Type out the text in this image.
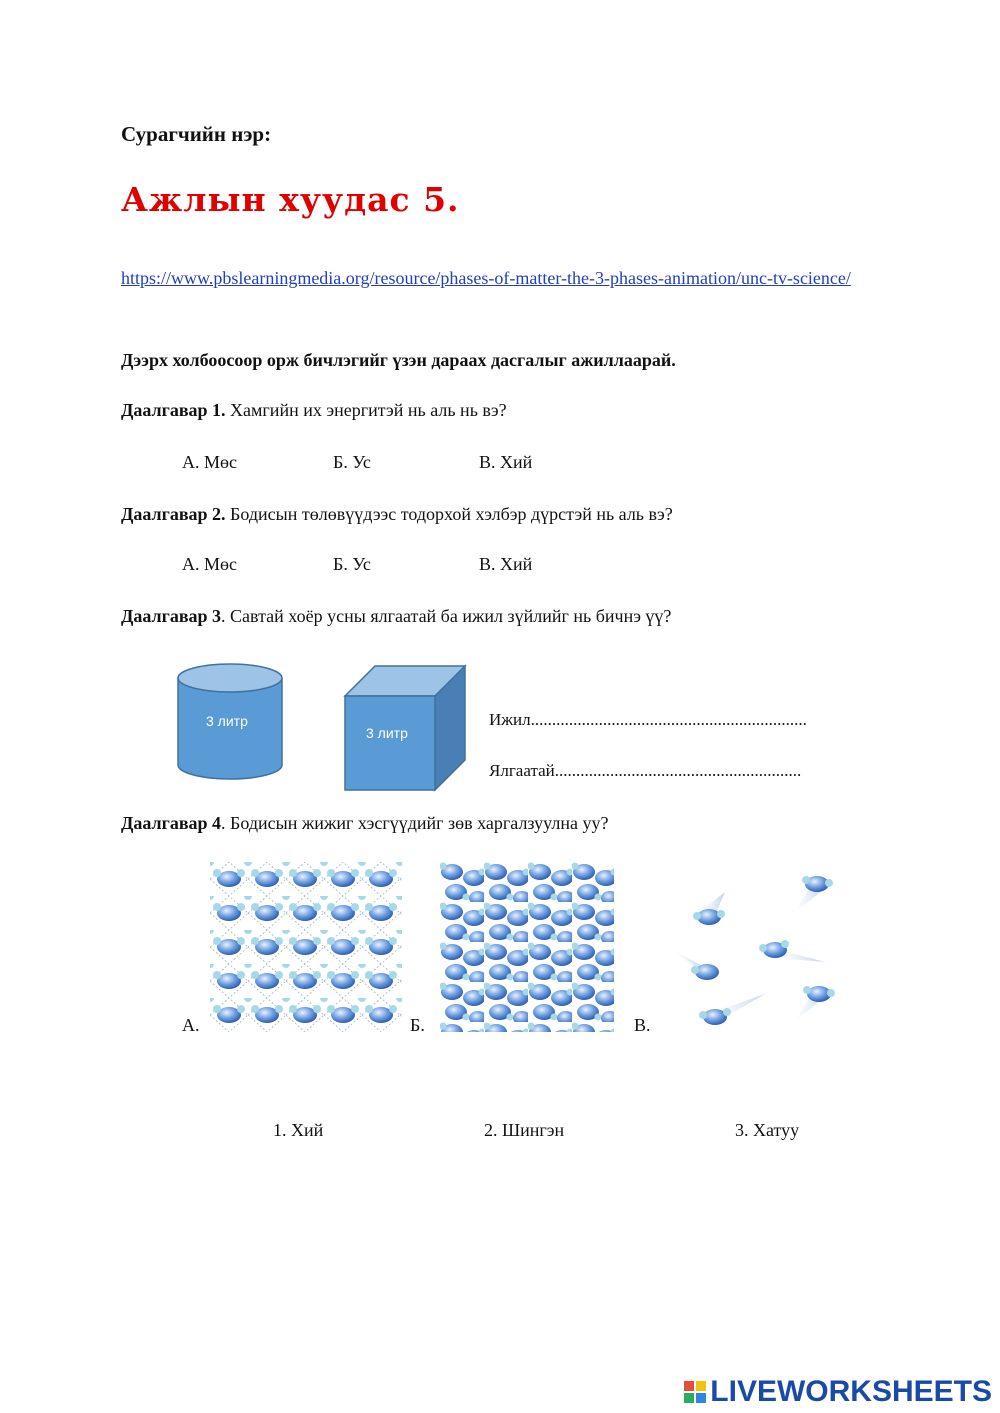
Сурагчийн нэр:
Ажлын хуудас 5.
https://www.pbslearningmedia.org/resource/phases-of-matter-the-3-phases-animation/unc-tv-science/
Дээрх холбоосоор орж бичлэгийг үзэн дараах дасгалыг ажиллаарай.
Даалгавар 1. Хамгийн их энергитэй нь аль нь вэ?
А. Мөс	Б. Ус	В. Хий
Даалгавар 2. Бодисын төлөвүүдээс тодорхой хэлбэр дүрстэй нь аль вэ?
А. Мөс	Б. Ус	В. Хий
Даалгавар 3. Савтай хоёр усны ялгаатай ба ижил зүйлийг нь бичнэ үү?
3 литр
3 литр
Ижил.................................................................
Ялгаатай..........................................................
Даалгавар 4. Бодисын жижиг хэсгүүдийг зөв харгалзуулна уу?
А.	Б.	В.
1. Хий	2. Шингэн	3. Хатуу
LIVEWORKSHEETS
